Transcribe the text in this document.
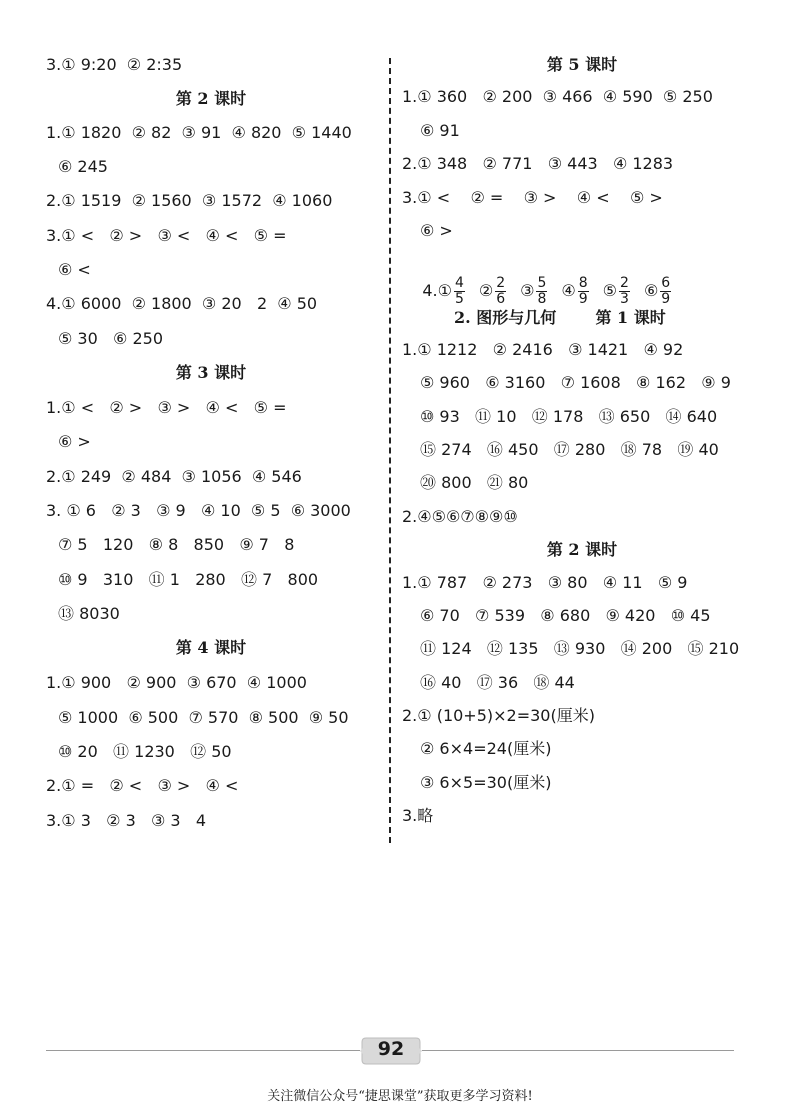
3.① 9:20  ② 2:35
第 2 课时
1.① 1820  ② 82  ③ 91  ④ 820  ⑤ 1440
⑥ 245
2.① 1519  ② 1560  ③ 1572  ④ 1060
3.① <   ② >   ③ <   ④ <   ⑤ =
⑥ <
4.① 6000  ② 1800  ③ 20   2  ④ 50
⑤ 30   ⑥ 250
第 3 课时
1.① <   ② >   ③ >   ④ <   ⑤ =
⑥ >
2.① 249  ② 484  ③ 1056  ④ 546
3. ① 6   ② 3   ③ 9   ④ 10  ⑤ 5  ⑥ 3000
⑦ 5   120   ⑧ 8   850   ⑨ 7   8
⑩ 9   310   ⑪ 1   280   ⑫ 7   800
⑬ 8030
第 4 课时
1.① 900   ② 900  ③ 670  ④ 1000
⑤ 1000  ⑥ 500  ⑦ 570  ⑧ 500  ⑨ 50
⑩ 20   ⑪ 1230   ⑫ 50
2.① =   ② <   ③ >   ④ <
3.① 3   ② 3   ③ 3   4
第 5 课时
1.① 360   ② 200  ③ 466  ④ 590  ⑤ 250
⑥ 91
2.① 348   ② 771   ③ 443   ④ 1283
3.① <    ② =    ③ >    ④ <    ⑤ >
⑥ >

4.① $\frac{4}{5}$ ② $\frac{2}{6}$ ③ $\frac{5}{8}$ ④ $\frac{8}{9}$ ⑤ $\frac{2}{3}$ ⑥ $\frac{6}{9}$

2. 图形与几何 第 1 课时
1.① 1212   ② 2416   ③ 1421   ④ 92
⑤ 960   ⑥ 3160   ⑦ 1608   ⑧ 162   ⑨ 9
⑩ 93   ⑪ 10   ⑫ 178   ⑬ 650   ⑭ 640
⑮ 274   ⑯ 450   ⑰ 280   ⑱ 78   ⑲ 40
⑳ 800   ㉑ 80
2.④⑤⑥⑦⑧⑨⑩
第 2 课时
1.① 787   ② 273   ③ 80   ④ 11   ⑤ 9
⑥ 70   ⑦ 539   ⑧ 680   ⑨ 420   ⑩ 45
⑪ 124   ⑫ 135   ⑬ 930   ⑭ 200   ⑮ 210
⑯ 40   ⑰ 36   ⑱ 44
2.① (10+5)×2=30(厘米)
② 6×4=24(厘米)
③ 6×5=30(厘米)
3.略
92
关注微信公众号“捷思课堂”获取更多学习资料!
